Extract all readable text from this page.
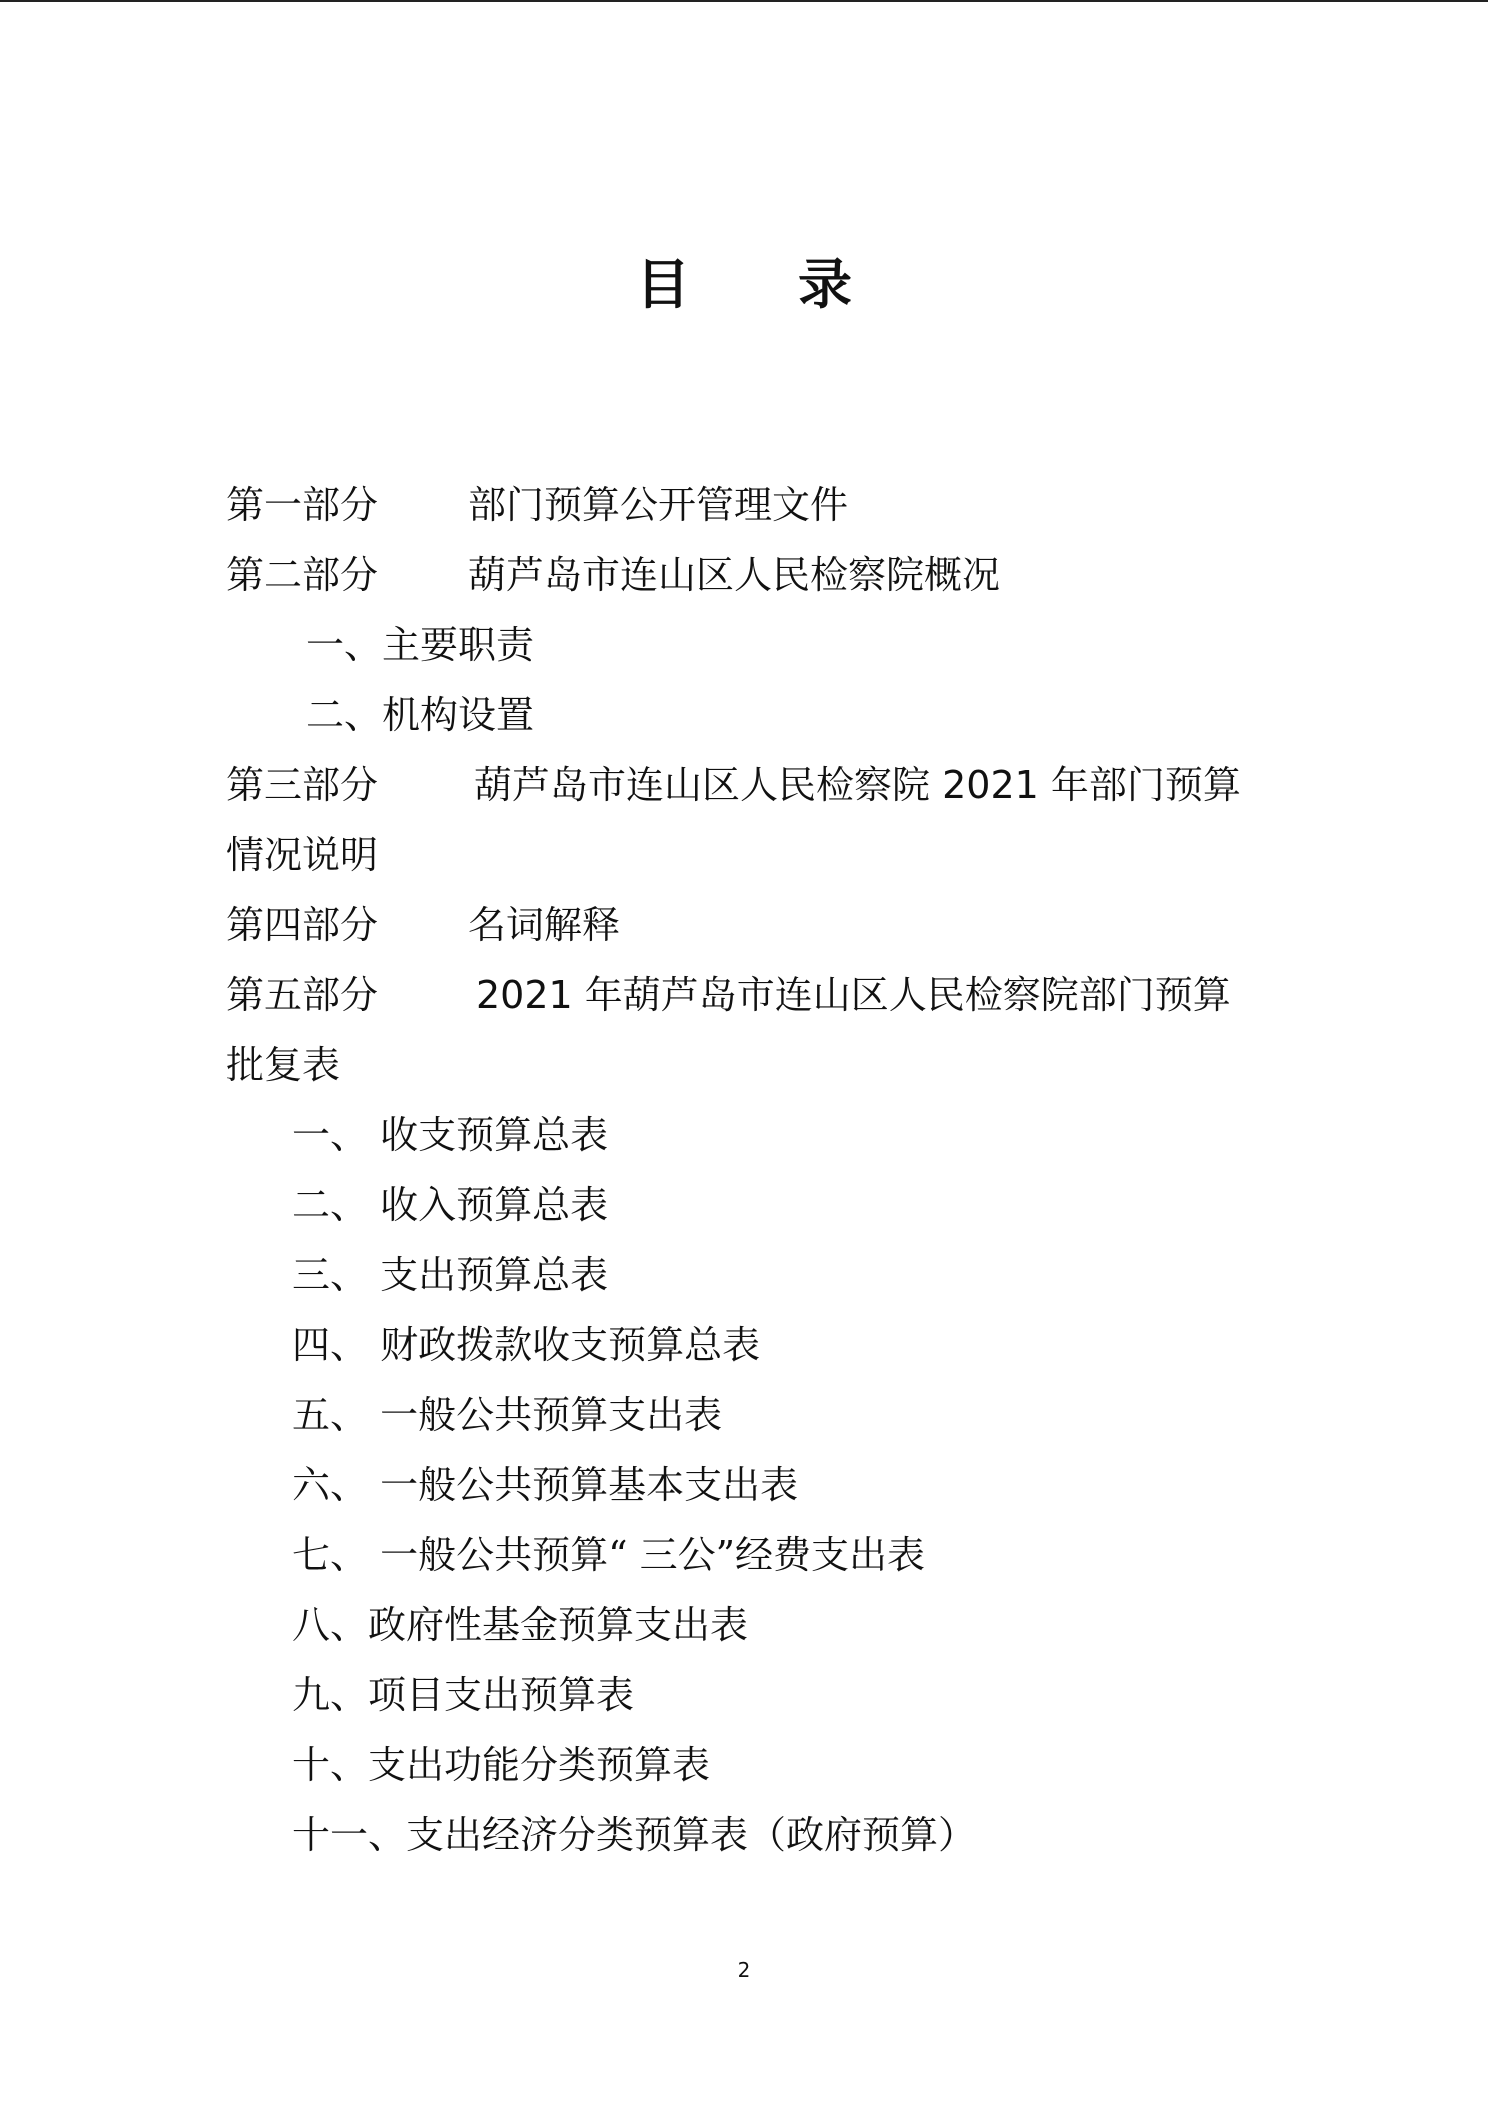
目 录
第一部分 部门预算公开管理文件
第二部分 葫芦岛市连山区人民检察院概况
一、主要职责
二、机构设置
第三部分	葫芦岛市连山区人民检察院 2021 年部门预算
情况说明
第四部分 名词解释
第五部分	2021 年葫芦岛市连山区人民检察院部门预算
批复表
一、 收支预算总表
二、 收入预算总表
三、 支出预算总表
四、 财政拨款收支预算总表
五、 一般公共预算支出表
六、 一般公共预算基本支出表
七、 一般公共预算“ 三公”经费支出表
八、政府性基金预算支出表
九、项目支出预算表
十、支出功能分类预算表
十一、支出经济分类预算表（政府预算）
2
